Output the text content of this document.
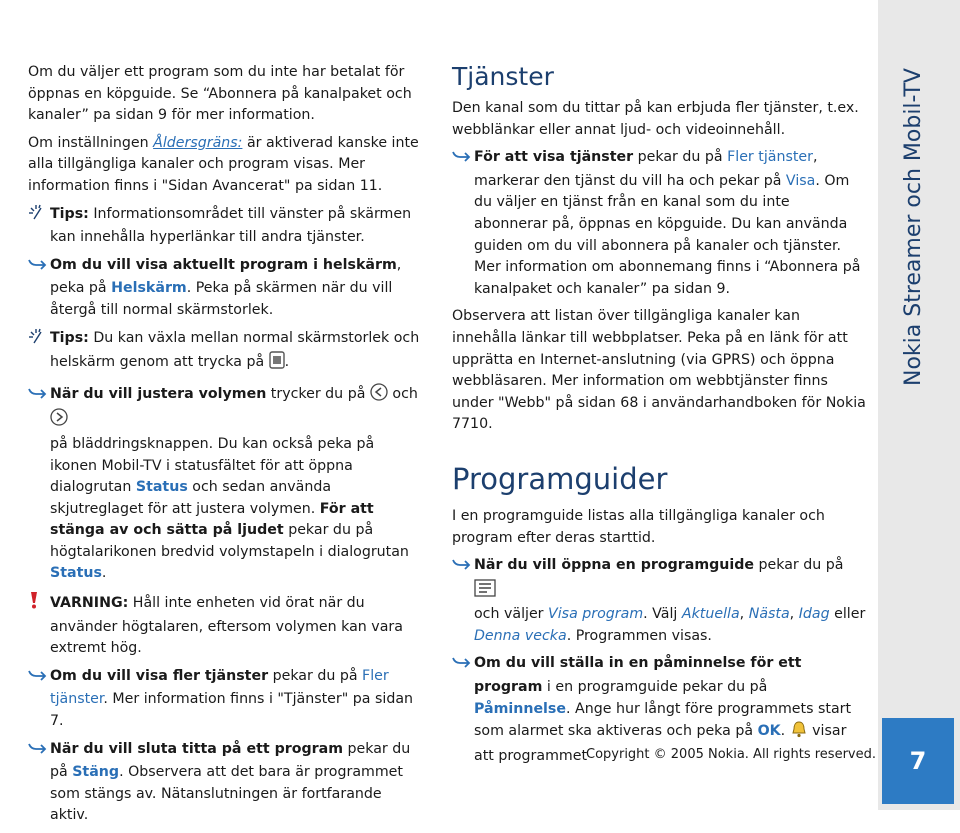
Nokia Streamer och Mobil-TV
7
Copyright © 2005 Nokia. All rights reserved.

Om du väljer ett program som du inte har betalat för öppnas en köpguide. Se “Abonnera på kanalpaket och kanaler” pa sidan 9 för mer information.

Om inställningen Åldersgräns: är aktiverad kanske inte alla tillgängliga kanaler och program visas. Mer information finns i "Sidan Avancerat" pa sidan 11.

Tips: Informationsområdet till vänster på skärmen kan innehålla hyperlänkar till andra tjänster.

Om du vill visa aktuellt program i helskärm, peka på Helskärm. Peka på skärmen när du vill återgå till normal skärmstorlek.

Tips: Du kan växla mellan normal skärmstorlek och helskärm genom att trycka på .

När du vill justera volymen trycker du på  och
på bläddringsknappen. Du kan också peka på ikonen Mobil-TV i statusfältet för att öppna dialogrutan Status och sedan använda skjutreglaget för att justera volymen. För att stänga av och sätta på ljudet pekar du på högtalarikonen bredvid volymstapeln i dialogrutan Status.

VARNING: Håll inte enheten vid örat när du använder högtalaren, eftersom volymen kan vara extremt hög.

Om du vill visa fler tjänster pekar du på Fler tjänster. Mer information finns i "Tjänster" pa sidan 7.

När du vill sluta titta på ett program pekar du på Stäng. Observera att det bara är programmet som stängs av. Nätanslutningen är fortfarande aktiv.

Tjänster

Den kanal som du tittar på kan erbjuda fler tjänster, t.ex. webblänkar eller annat ljud- och videoinnehåll.

För att visa tjänster pekar du på Fler tjänster, markerar den tjänst du vill ha och pekar på Visa. Om du väljer en tjänst från en kanal som du inte abonnerar på, öppnas en köpguide. Du kan använda guiden om du vill abonnera på kanaler och tjänster. Mer information om abonnemang finns i “Abonnera på kanalpaket och kanaler” pa sidan 9.

Observera att listan över tillgängliga kanaler kan innehålla länkar till webbplatser. Peka på en länk för att upprätta en Internet-anslutning (via GPRS) och öppna webbläsaren. Mer information om webbtjänster finns under "Webb" på sidan 68 i användarhandboken för Nokia 7710.

Programguider

I en programguide listas alla tillgängliga kanaler och program efter deras starttid.

När du vill öppna en programguide pekar du på
och väljer Visa program. Välj Aktuella, Nästa, Idag eller Denna vecka. Programmen visas.

Om du vill ställa in en påminnelse för ett program i en programguide pekar du på Påminnelse. Ange hur långt före programmets start som alarmet ska aktiveras och peka på OK.  visar att programmet
